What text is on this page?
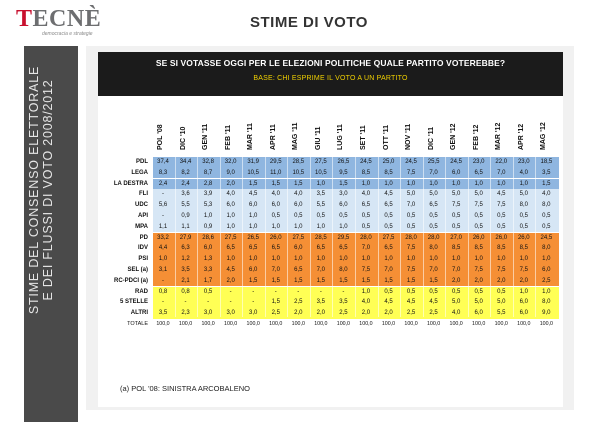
TECNÈ
democracia e strategie
STIME DI VOTO
STIME DEL CONSENSO ELETTORALE E DEI FLUSSI DI VOTO 2008/2012
SE SI VOTASSE OGGI PER LE ELEZIONI POLITICHE QUALE PARTITO VOTEREBBE?
BASE: CHI ESPRIME IL VOTO A UN PARTITO
POL '08 DIC '10 GEN '11 FEB '11 MAR '11 APR '11 MAG '11 GIU '11 LUG '11 SET '11 OTT '11 NOV '11 DIC '11 GEN '12 FEB '12 MAR '12 APR '12 MAG '12
PDL	37,4	34,4	32,8	32,0	31,9	29,5	28,5	27,5	26,5	24,5	25,0	24,5	25,5	24,5	23,0	22,0	23,0	18,5
LEGA	8,3	8,2	8,7	9,0	10,5	11,0	10,5	10,5	9,5	8,5	8,5	7,5	7,0	6,0	6,5	7,0	4,0	3,5
LA DESTRA	2,4	2,4	2,8	2,0	1,5	1,5	1,5	1,0	1,5	1,0	1,0	1,0	1,0	1,0	1,0	1,0	1,0	1,5
FLI	-	3,6	3,9	4,0	4,5	4,0	4,0	3,5	3,0	4,0	4,5	5,0	5,0	5,0	5,0	4,5	5,0	4,0
UDC	5,6	5,5	5,3	6,0	6,0	6,0	6,0	5,5	6,0	6,5	6,5	7,0	6,5	7,5	7,5	7,5	8,0	8,0
API	-	0,9	1,0	1,0	1,0	0,5	0,5	0,5	0,5	0,5	0,5	0,5	0,5	0,5	0,5	0,5	0,5	0,5
MPA	1,1	1,1	0,9	1,0	1,0	1,0	1,0	1,0	1,0	0,5	0,5	0,5	0,5	0,5	0,5	0,5	0,5	0,5
PD	33,2	27,9	28,6	27,5	26,5	26,0	27,5	28,5	29,5	28,0	27,5	28,0	28,0	27,0	26,0	26,0	26,0	24,5
IDV	4,4	6,3	6,0	6,5	6,5	6,5	6,0	6,5	6,5	7,0	6,5	7,5	8,0	8,5	8,5	8,5	8,5	8,0
PSI	1,0	1,2	1,3	1,0	1,0	1,0	1,0	1,0	1,0	1,0	1,0	1,0	1,0	1,0	1,0	1,0	1,0	1,0
SEL (a)	3,1	3,5	3,3	4,5	6,0	7,0	6,5	7,0	8,0	7,5	7,0	7,5	7,0	7,0	7,5	7,5	7,5	6,0
RC-PDCI (a)	-	2,1	1,7	2,0	1,5	1,5	1,5	1,5	1,5	1,5	1,5	1,5	1,5	2,0	2,0	2,0	2,0	2,5
RAD	0,8	0,8	0,5	-	-	-	-	-	-	1,0	0,5	0,5	0,5	0,5	0,5	0,5	1,0	1,0
5 STELLE	-	-	-	-	-	1,5	2,5	3,5	3,5	4,0	4,5	4,5	4,5	5,0	5,0	5,0	6,0	8,0
ALTRI	3,5	2,3	3,0	3,0	3,0	2,5	2,0	2,0	2,5	2,0	2,0	2,5	2,5	4,0	6,0	5,5	6,0	9,0
TOTALE	100,0	100,0	100,0	100,0	100,0	100,0	100,0	100,0	100,0	100,0	100,0	100,0	100,0	100,0	100,0	100,0	100,0	100,0
(a) POL '08: SINISTRA ARCOBALENO
